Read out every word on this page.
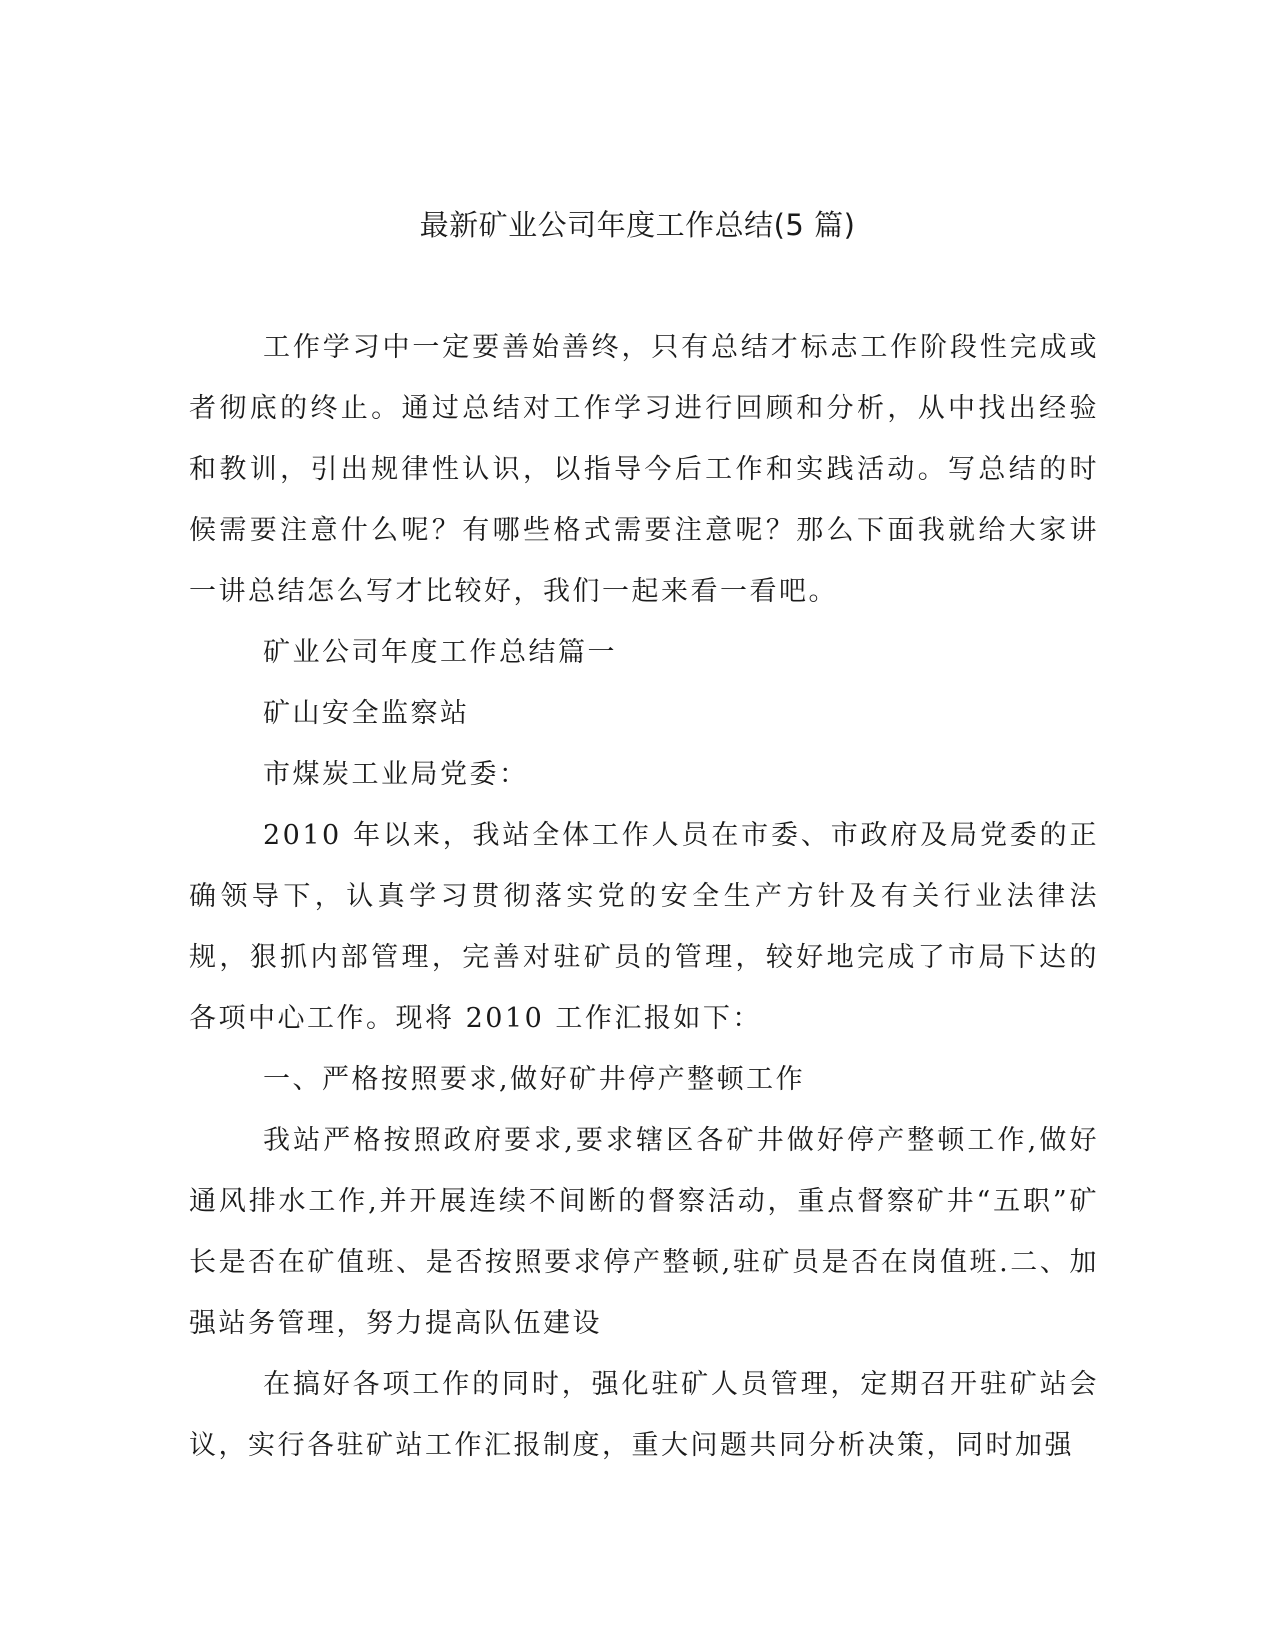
最新矿业公司年度工作总结(5 篇)

工作学习中一定要善始善终，只有总结才标志工作阶段性完成或者彻底的终止。通过总结对工作学习进行回顾和分析，从中找出经验和教训，引出规律性认识，以指导今后工作和实践活动。写总结的时候需要注意什么呢？有哪些格式需要注意呢？那么下面我就给大家讲一讲总结怎么写才比较好，我们一起来看一看吧。

矿业公司年度工作总结篇一

矿山安全监察站

市煤炭工业局党委：

2010 年以来，我站全体工作人员在市委、市政府及局党委的正确领导下，认真学习贯彻落实党的安全生产方针及有关行业法律法规，狠抓内部管理，完善对驻矿员的管理，较好地完成了市局下达的各项中心工作。现将 2010 工作汇报如下：

一、严格按照要求,做好矿井停产整顿工作

我站严格按照政府要求,要求辖区各矿井做好停产整顿工作,做好通风排水工作,并开展连续不间断的督察活动，重点督察矿井“五职”矿长是否在矿值班、是否按照要求停产整顿,驻矿员是否在岗值班.二、加强站务管理，努力提高队伍建设

在搞好各项工作的同时，强化驻矿人员管理，定期召开驻矿站会议，实行各驻矿站工作汇报制度，重大问题共同分析决策，同时加强
